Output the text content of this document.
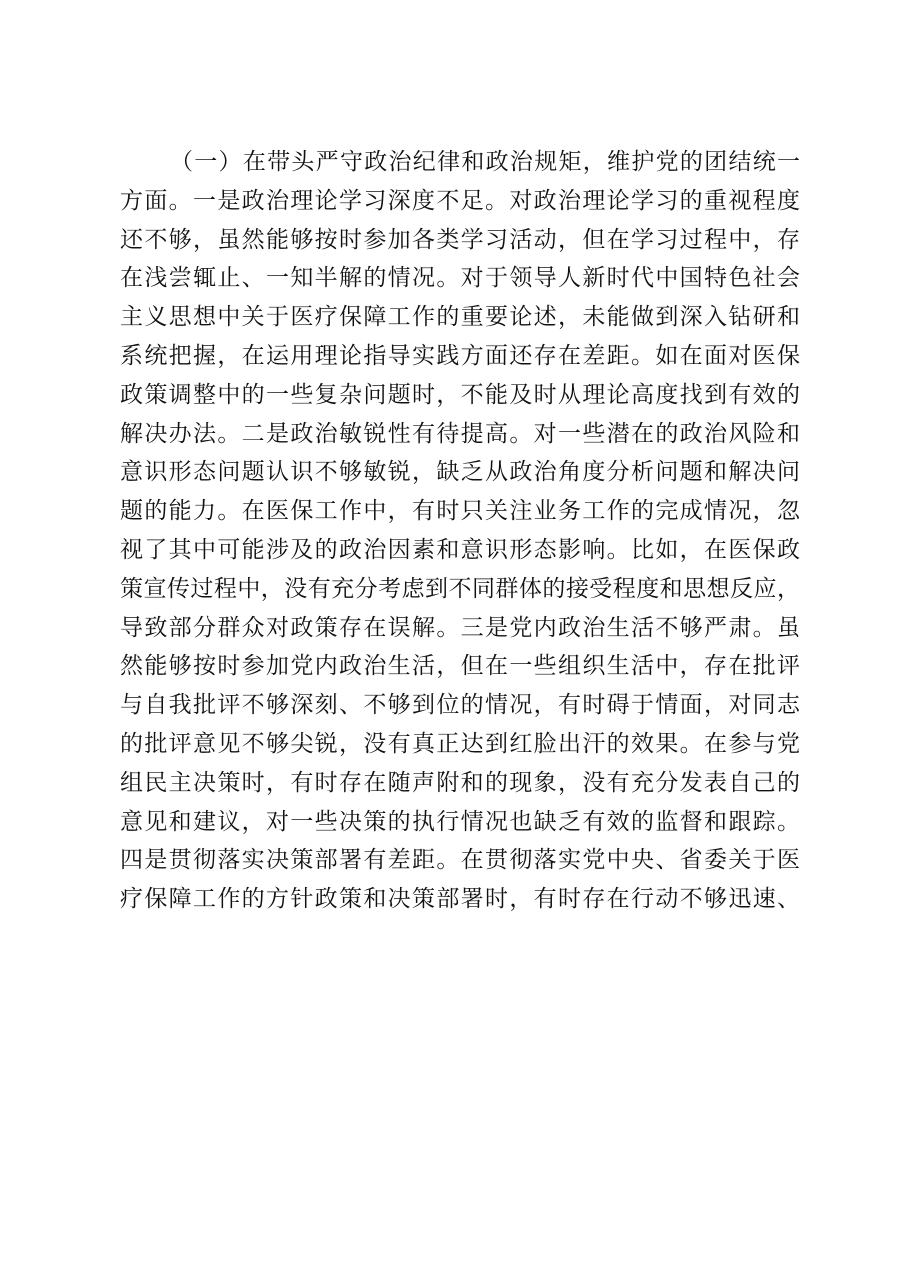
（一）在带头严守政治纪律和政治规矩，维护党的团结统一
方面。一是政治理论学习深度不足。对政治理论学习的重视程度
还不够，虽然能够按时参加各类学习活动，但在学习过程中，存
在浅尝辄止、一知半解的情况。对于领导人新时代中国特色社会
主义思想中关于医疗保障工作的重要论述，未能做到深入钻研和
系统把握，在运用理论指导实践方面还存在差距。如在面对医保
政策调整中的一些复杂问题时，不能及时从理论高度找到有效的
解决办法。二是政治敏锐性有待提高。对一些潜在的政治风险和
意识形态问题认识不够敏锐，缺乏从政治角度分析问题和解决问
题的能力。在医保工作中，有时只关注业务工作的完成情况，忽
视了其中可能涉及的政治因素和意识形态影响。比如，在医保政
策宣传过程中，没有充分考虑到不同群体的接受程度和思想反应，
导致部分群众对政策存在误解。三是党内政治生活不够严肃。虽
然能够按时参加党内政治生活，但在一些组织生活中，存在批评
与自我批评不够深刻、不够到位的情况，有时碍于情面，对同志
的批评意见不够尖锐，没有真正达到红脸出汗的效果。在参与党
组民主决策时，有时存在随声附和的现象，没有充分发表自己的
意见和建议，对一些决策的执行情况也缺乏有效的监督和跟踪。
四是贯彻落实决策部署有差距。在贯彻落实党中央、省委关于医
疗保障工作的方针政策和决策部署时，有时存在行动不够迅速、
